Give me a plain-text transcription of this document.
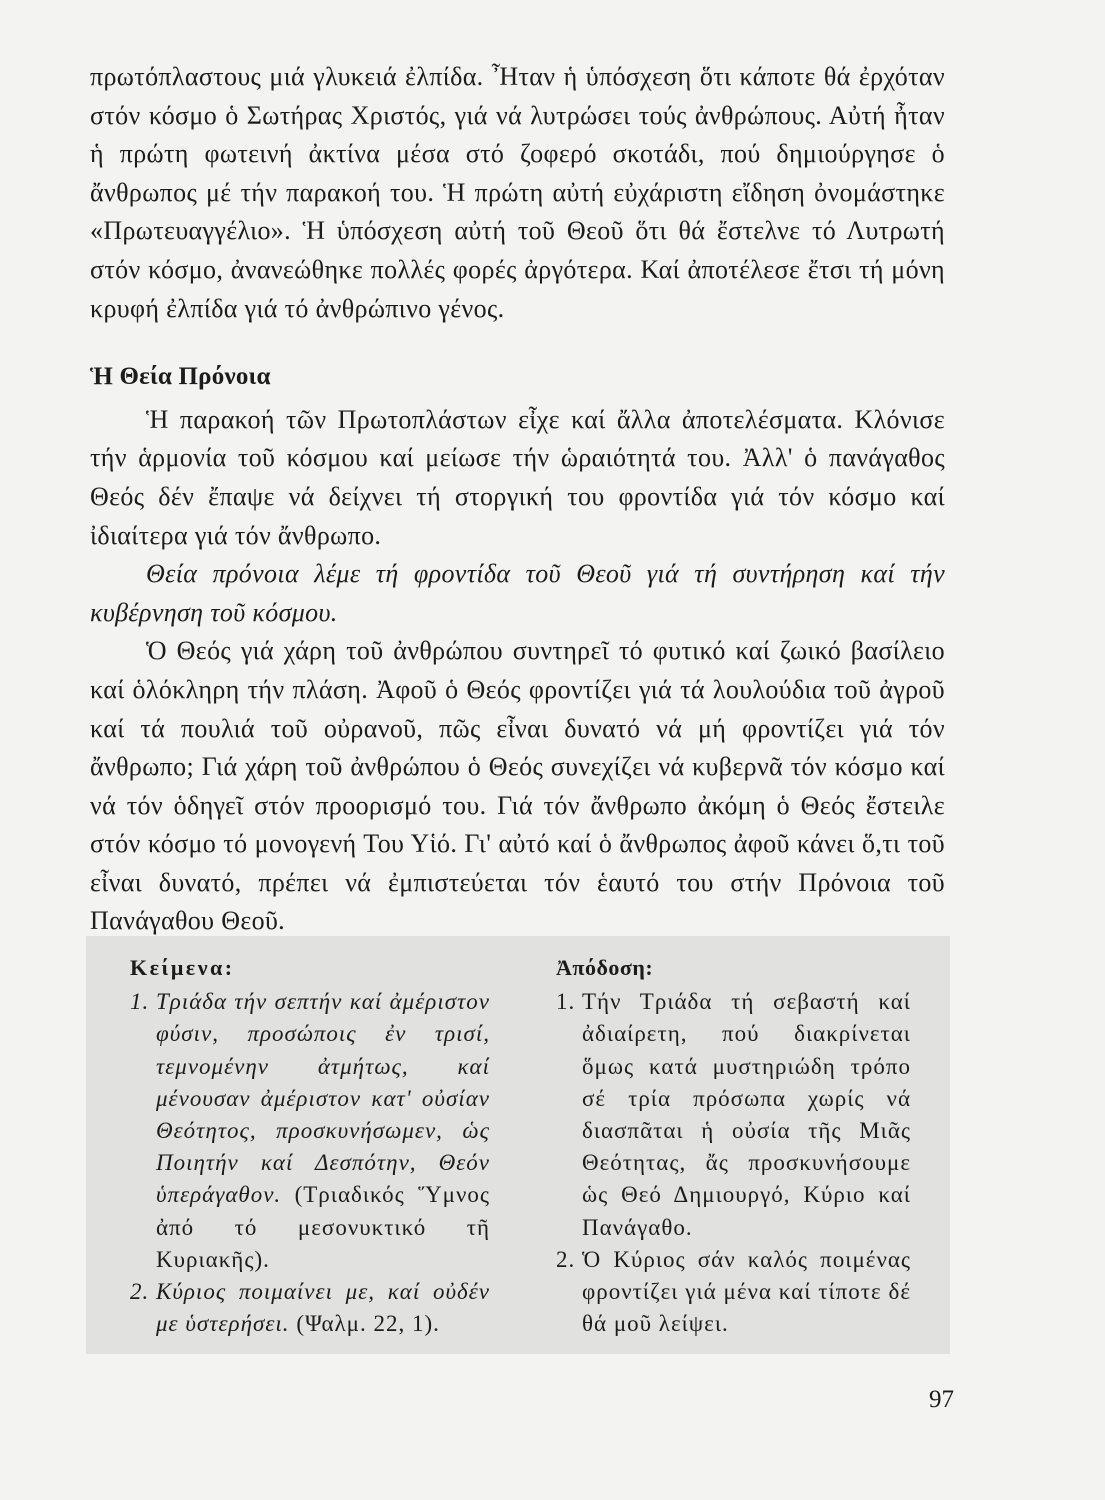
πρωτόπλαστους μιά γλυκειά ἐλπίδα. Ἦταν ἡ ὑπόσχεση ὅτι κάποτε θά ἐρχόταν στόν κόσμο ὁ Σωτήρας Χριστός, γιά νά λυτρώσει τούς ἀνθρώπους. Αὐτή ἦταν ἡ πρώτη φωτεινή ἀκτίνα μέσα στό ζοφερό σκοτάδι, πού δημιούργησε ὁ ἄνθρωπος μέ τήν παρακοή του. Ἡ πρώτη αὐτή εὐχάριστη εἴδηση ὀνομάστηκε «Πρωτευαγγέλιο». Ἡ ὑπόσχεση αὐτή τοῦ Θεοῦ ὅτι θά ἔστελνε τό Λυτρωτή στόν κόσμο, ἀνανεώθηκε πολλές φορές ἀργότερα. Καί ἀποτέλεσε ἔτσι τή μόνη κρυφή ἐλπίδα γιά τό ἀνθρώπινο γένος.

Ἡ Θεία Πρόνοια

Ἡ παρακοή τῶν Πρωτοπλάστων εἶχε καί ἄλλα ἀποτελέσματα. Κλόνισε τήν ἁρμονία τοῦ κόσμου καί μείωσε τήν ὡραιότητά του. Ἀλλ' ὁ πανάγαθος Θεός δέν ἔπαψε νά δείχνει τή στοργική του φροντίδα γιά τόν κόσμο καί ἰδιαίτερα γιά τόν ἄνθρωπο.

Θεία πρόνοια λέμε τή φροντίδα τοῦ Θεοῦ γιά τή συντήρηση καί τήν κυβέρνηση τοῦ κόσμου.

Ὁ Θεός γιά χάρη τοῦ ἀνθρώπου συντηρεῖ τό φυτικό καί ζωικό βασίλειο καί ὁλόκληρη τήν πλάση. Ἀφοῦ ὁ Θεός φροντίζει γιά τά λουλούδια τοῦ ἀγροῦ καί τά πουλιά τοῦ οὐρανοῦ, πῶς εἶναι δυνατό νά μή φροντίζει γιά τόν ἄνθρωπο; Γιά χάρη τοῦ ἀνθρώπου ὁ Θεός συνεχίζει νά κυβερνᾶ τόν κόσμο καί νά τόν ὁδηγεῖ στόν προορισμό του. Γιά τόν ἄνθρωπο ἀκόμη ὁ Θεός ἔστειλε στόν κόσμο τό μονογενή Του Υἱό. Γι' αὐτό καί ὁ ἄνθρωπος ἀφοῦ κάνει ὅ,τι τοῦ εἶναι δυνατό, πρέπει νά ἐμπιστεύεται τόν ἑαυτό του στήν Πρόνοια τοῦ Πανάγαθου Θεοῦ.

Κείμενα:
1. Τριάδα τήν σεπτήν καί ἀμέριστον φύσιν, προσώποις ἐν τρισί, τεμνομένην ἀτμήτως, καί μένουσαν ἀμέριστον κατ' οὐσίαν Θεότητος, προσκυνήσωμεν, ὡς Ποιητήν καί Δεσπότην, Θεόν ὑπεράγαθον. (Τριαδικός Ὕμνος ἀπό τό μεσονυκτικό τῆ Κυριακῆς).
2. Κύριος ποιμαίνει με, καί οὐδέν με ὑστερήσει. (Ψαλμ. 22, 1).
Ἀπόδοση:
1. Τήν Τριάδα τή σεβαστή καί ἀδιαίρετη, πού διακρίνεται ὅμως κατά μυστηριώδη τρόπο σέ τρία πρόσωπα χωρίς νά διασπᾶται ἡ οὐσία τῆς Μιᾶς Θεότητας, ἄς προσκυνήσουμε ὡς Θεό Δημιουργό, Κύριο καί Πανάγαθο.
2. Ὁ Κύριος σάν καλός ποιμένας φροντίζει γιά μένα καί τίποτε δέ θά μοῦ λείψει.
97
